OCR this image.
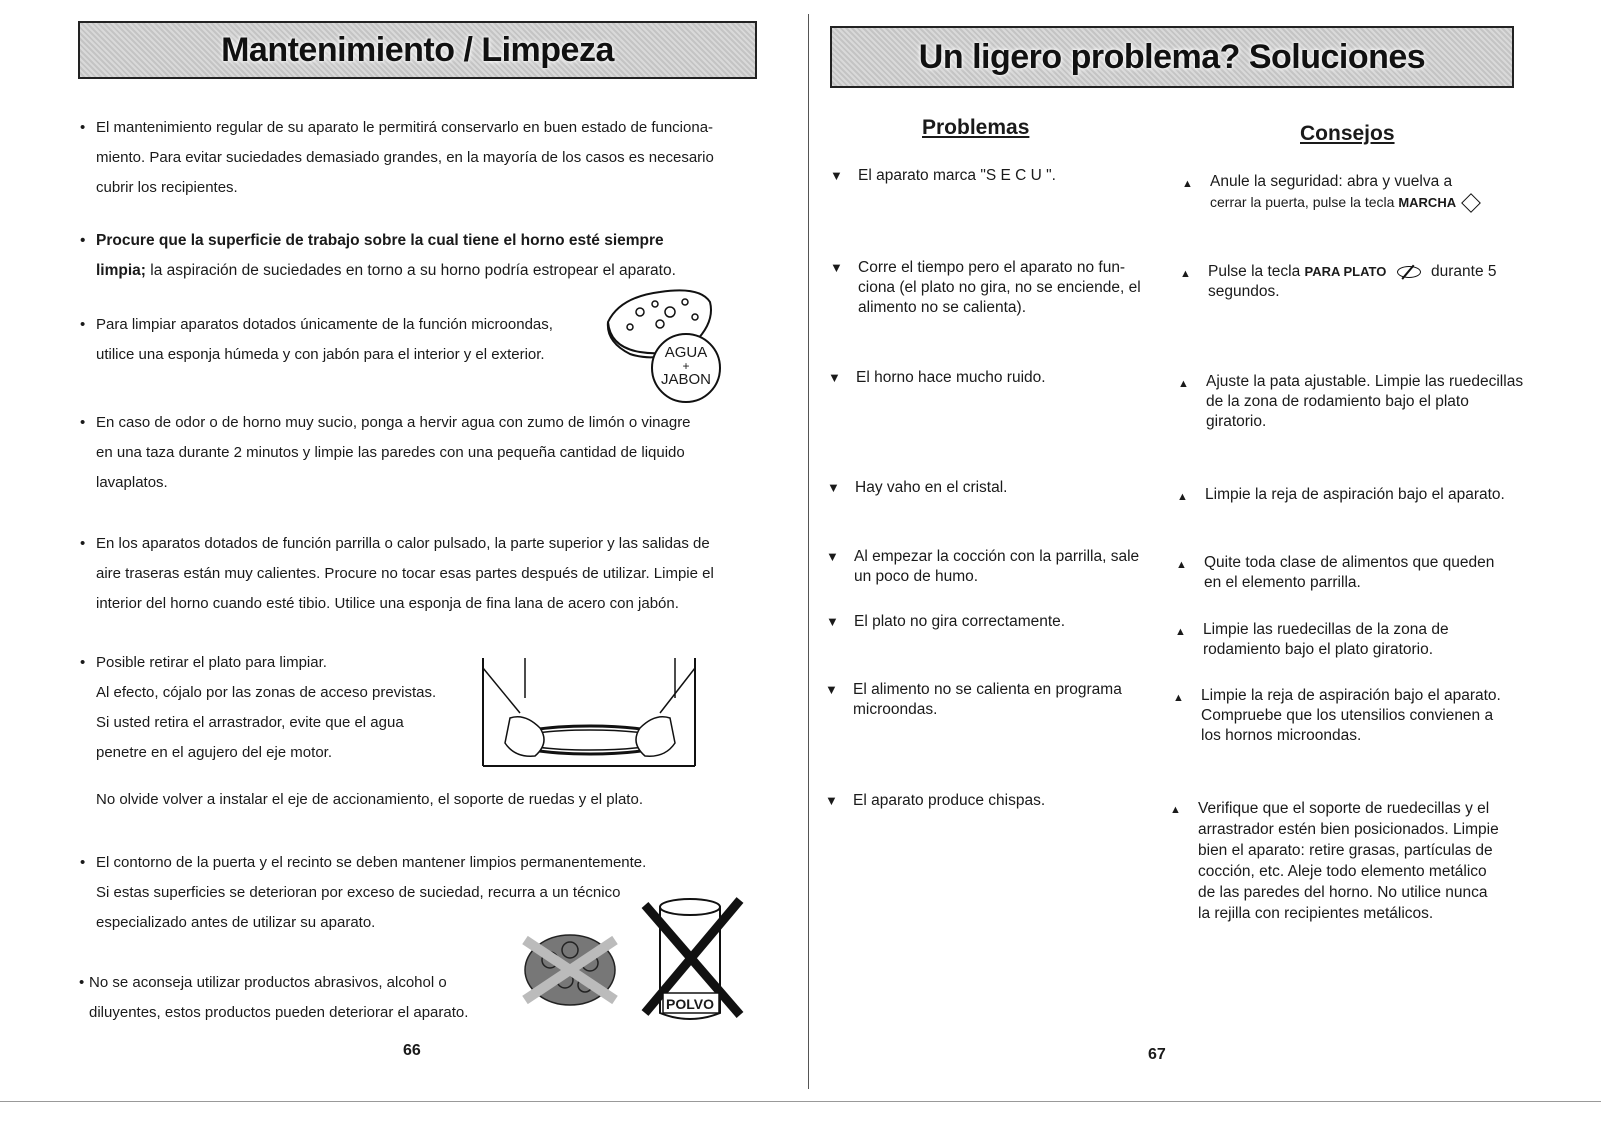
Mantenimiento / Limpeza
• El mantenimiento regular de su aparato le permitirá conservarlo en buen estado de funciona-
miento. Para evitar suciedades demasiado grandes, en la mayoría de los casos es necesario
cubrir los recipientes.
• Procure que la superficie de trabajo sobre la cual tiene el horno esté siempre
limpia; la aspiración de suciedades en torno a su horno podría estropear el aparato.
• Para limpiar aparatos dotados únicamente de la función microondas,
utilice una esponja húmeda y con jabón para el interior y el exterior.	AGUA
+
JABON
• En caso de odor o de horno muy sucio, ponga a hervir agua con zumo de limón o vinagre
en una taza durante 2 minutos y limpie las paredes con una pequeña cantidad de liquido
lavaplatos.
• En los aparatos dotados de función parrilla o calor pulsado, la parte superior y las salidas de
aire traseras están muy calientes. Procure no tocar esas partes después de utilizar. Limpie el
interior del horno cuando esté tibio. Utilice una esponja de fina lana de acero con jabón.
• Posible retirar el plato para limpiar.
Al efecto, cójalo por las zonas de acceso previstas.
Si usted retira el arrastrador, evite que el agua
penetre en el agujero del eje motor.
No olvide volver a instalar el eje de accionamiento, el soporte de ruedas y el plato.
• El contorno de la puerta y el recinto se deben mantener limpios permanentemente.
Si estas superficies se deterioran por exceso de suciedad, recurra a un técnico
especializado antes de utilizar su aparato.
• No se aconseja utilizar productos abrasivos, alcohol o
diluyentes, estos productos pueden deteriorar el aparato.	POLVO
66
Un ligero problema? Soluciones
Problemas	Consejos
▼ El aparato marca "S E C U ".	▲ Anule la seguridad: abra y vuelva a
cerrar la puerta, pulse la tecla MARCHA
▼ Corre el tiempo pero el aparato no fun-ciona (el plato no gira, no se enciende, el alimento no se calienta).
▲ Pulse la tecla PARA PLATO	durante 5 segundos.
▼ El horno hace mucho ruido.	▲ Ajuste la pata ajustable. Limpie las ruedecillas de la zona de rodamiento bajo el plato giratorio.
▼ Hay vaho en el cristal.
▲ Limpie la reja de aspiración bajo el aparato.
▼ Al empezar la cocción con la parrilla, sale un poco de humo.
▲ Quite toda clase de alimentos que queden en el elemento parrilla.
▼ El plato no gira correctamente.
▲ Limpie las ruedecillas de la zona de rodamiento bajo el plato giratorio.
▼ El alimento no se calienta en programa microondas.
▲ Limpie la reja de aspiración bajo el aparato. Compruebe que los utensilios convienen a los hornos microondas.
▼ El aparato produce chispas.
▲ Verifique que el soporte de ruedecillas y el arrastrador estén bien posicionados. Limpie bien el aparato: retire grasas, partículas de cocción, etc. Aleje todo elemento metálico de las paredes del horno. No utilice nunca la rejilla con recipientes metálicos.
67
